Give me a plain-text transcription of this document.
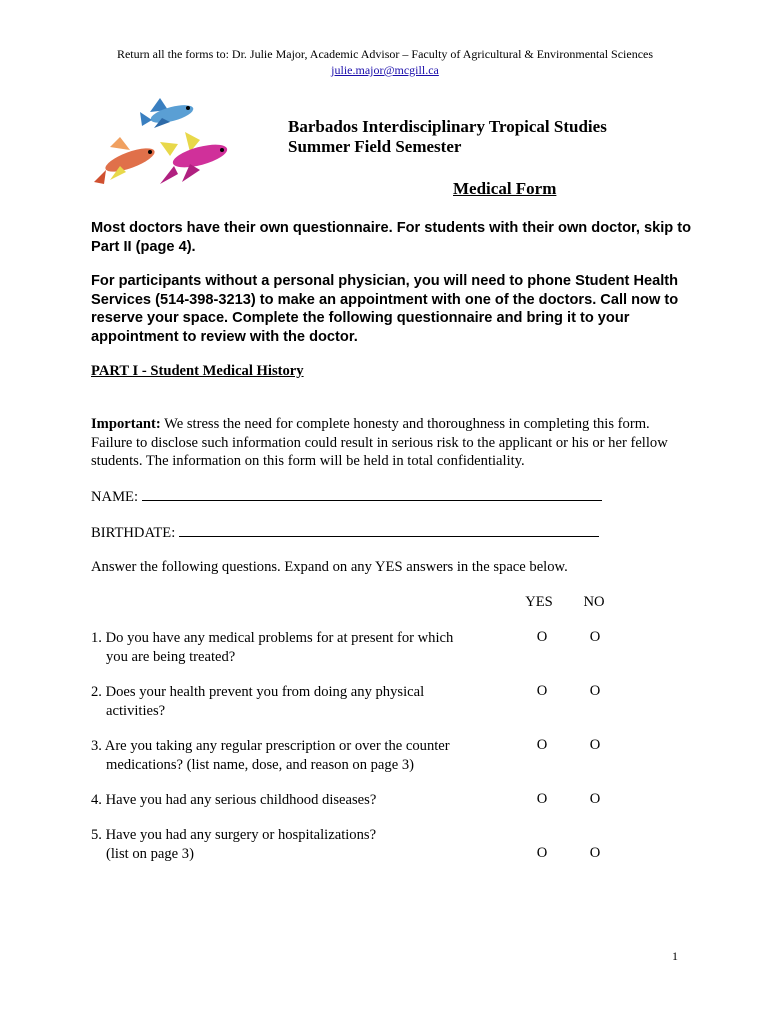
Return all the forms to: Dr. Julie Major, Academic Advisor – Faculty of Agricultural & Environmental Sciences
julie.major@mcgill.ca
Barbados Interdisciplinary Tropical Studies
Summer Field Semester
Medical Form
Most doctors have their own questionnaire. For students with their own doctor, skip to Part II (page 4).
For participants without a personal physician, you will need to phone Student Health Services (514-398-3213) to make an appointment with one of the doctors. Call now to reserve your space. Complete the following questionnaire and bring it to your appointment to review with the doctor.
PART I - Student Medical History
Important: We stress the need for complete honesty and thoroughness in completing this form. Failure to disclose such information could result in serious risk to the applicant or his or her fellow students. The information on this form will be held in total confidentiality.
NAME:
BIRTHDATE:
Answer the following questions. Expand on any YES answers in the space below.
YES	NO
1. Do you have any medical problems for at present for which
you are being treated?
O	O
2. Does your health prevent you from doing any physical
activities?
O	O
3. Are you taking any regular prescription or over the counter
medications? (list name, dose, and reason on page 3)
O	O
4. Have you had any serious childhood diseases?	O	O
5. Have you had any surgery or hospitalizations?
(list on page 3)	O	O
1
